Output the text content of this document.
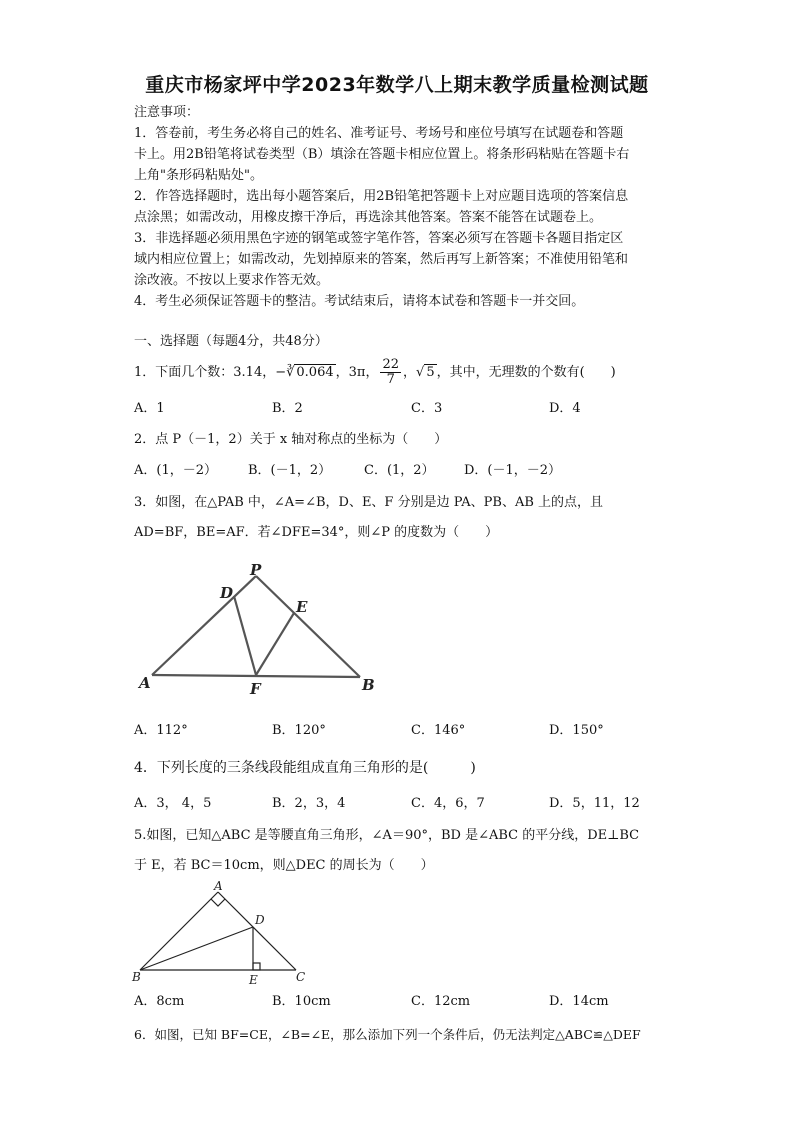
重庆市杨家坪中学2023年数学八上期末教学质量检测试题
注意事项：
1．答卷前，考生务必将自己的姓名、准考证号、考场号和座位号填写在试题卷和答题
卡上。用2B铅笔将试卷类型（B）填涂在答题卡相应位置上。将条形码粘贴在答题卡右
上角"条形码粘贴处"。
2．作答选择题时，选出每小题答案后，用2B铅笔把答题卡上对应题目选项的答案信息
点涂黑；如需改动，用橡皮擦干净后，再选涂其他答案。答案不能答在试题卷上。
3．非选择题必须用黑色字迹的钢笔或签字笔作答，答案必须写在答题卡各题目指定区
域内相应位置上；如需改动，先划掉原来的答案，然后再写上新答案；不准使用铅笔和
涂改液。不按以上要求作答无效。
4．考生必须保证答题卡的整洁。考试结束后，请将本试卷和答题卡一并交回。
一、选择题（每题4分，共48分）
1．下面几个数：3.14，−∛ 0.064 ，3π， $\frac{22}{7}$ ，√ 5 ，其中，无理数的个数有(　　)
A．1	B．2	C．3	D．4
2．点 P（－1，2）关于 x 轴对称点的坐标为（　　）
A．(1，－2） B．(－1，2）	C．(1，2） D．(－1，－2）
3．如图，在△PAB 中，∠A=∠B，D、E、F 分别是边 PA、PB、AB 上的点，且
AD=BF，BE=AF．若∠DFE=34°，则∠P 的度数为（　　）
P
D
E
A	F	B
A．112°	B．120°	C．146°	D．150°
4．下列长度的三条线段能组成直角三角形的是(　　　)
A．3， 4，5	B．2，3，4	C．4，6，7	D．5，11，12
5.如图，已知△ABC 是等腰直角三角形，∠A＝90°，BD 是∠ABC 的平分线，DE⊥BC
于 E，若 BC＝10cm，则△DEC 的周长为（　　）
A
D
B	E	C
A．8cm	B．10cm	C．12cm	D．14cm
6．如图，已知 BF=CE，∠B=∠E，那么添加下列一个条件后，仍无法判定△ABC≌△DEF
